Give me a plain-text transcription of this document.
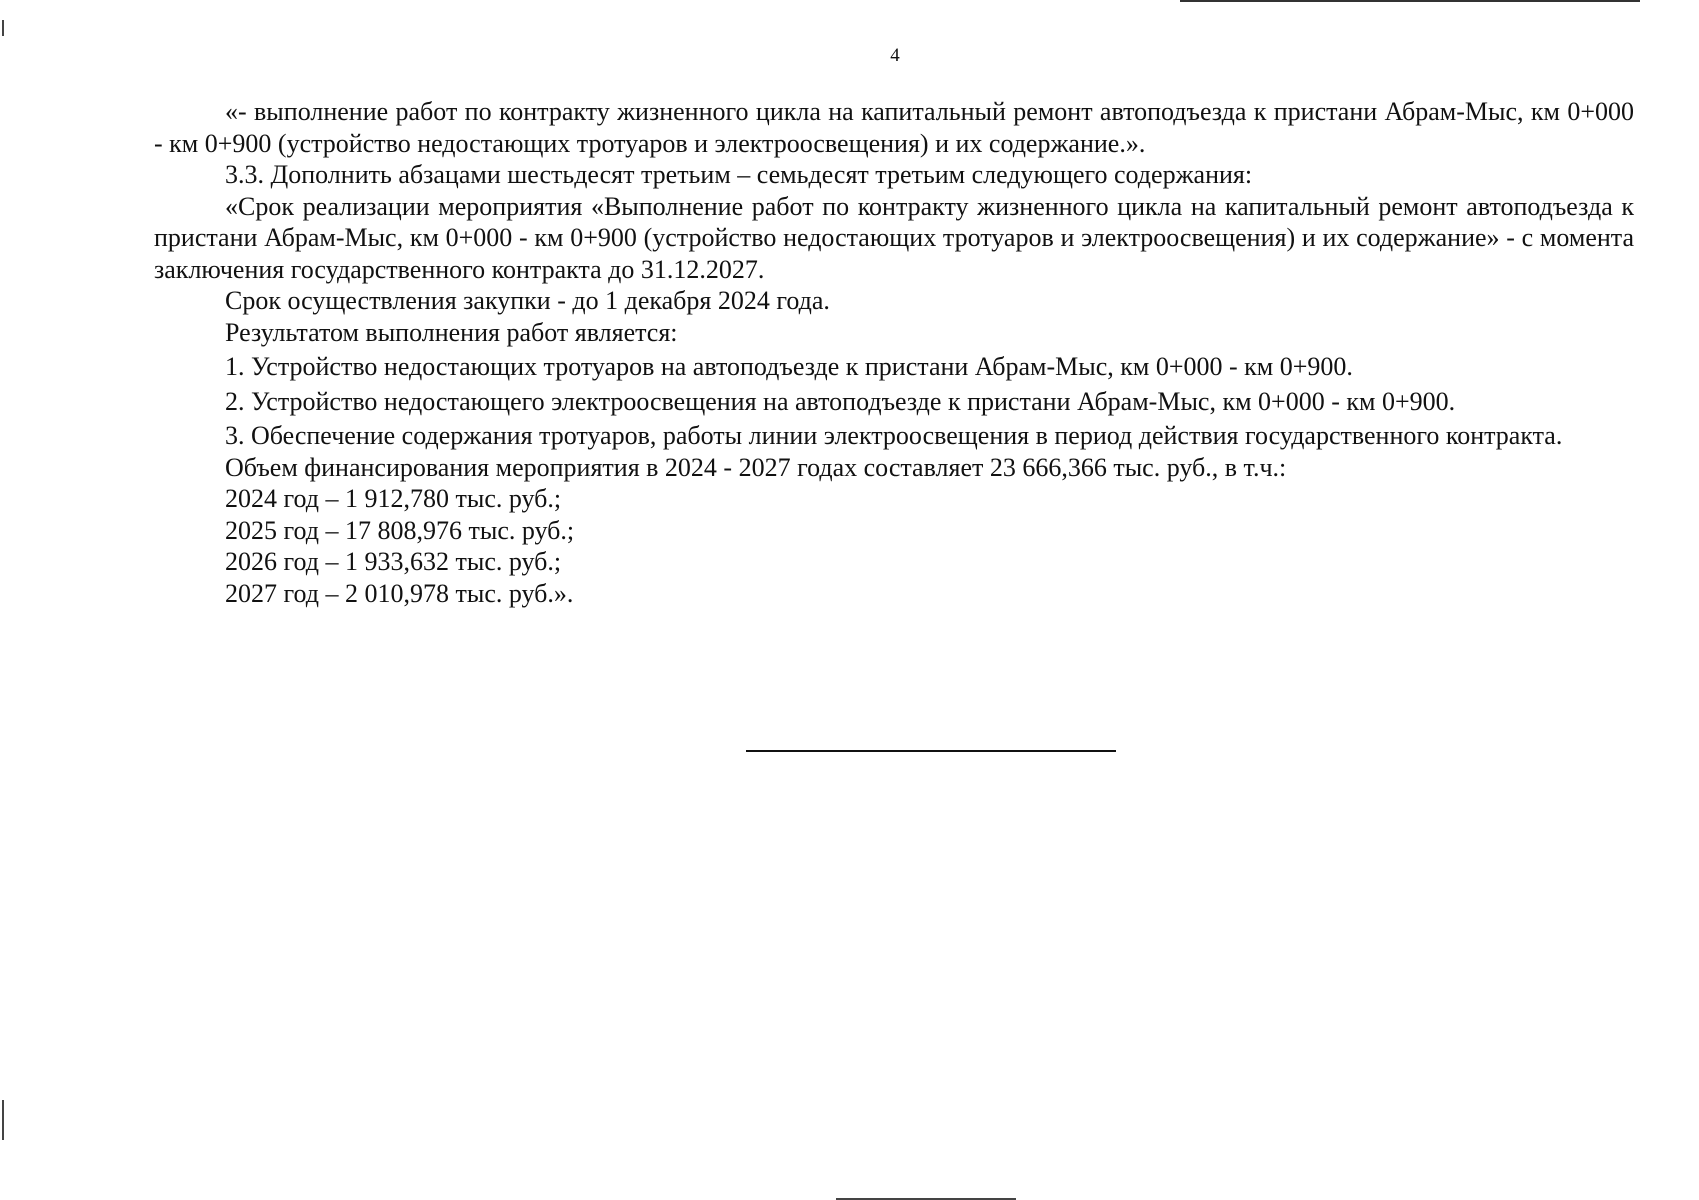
4

«- выполнение работ по контракту жизненного цикла на капитальный ремонт автоподъезда к пристани Абрам-Мыс, км 0+000 - км 0+900 (устройство недостающих тротуаров и электроосвещения) и их содержание.».

3.3. Дополнить абзацами шестьдесят третьим – семьдесят третьим следующего содержания:

«Срок реализации мероприятия «Выполнение работ по контракту жизненного цикла на капитальный ремонт автоподъезда к пристани Абрам-Мыс, км 0+000 - км 0+900 (устройство недостающих тротуаров и электроосвещения) и их содержание» - с момента заключения государственного контракта до 31.12.2027.

Срок осуществления закупки - до 1 декабря 2024 года.

Результатом выполнения работ является:

1. Устройство недостающих тротуаров на автоподъезде к пристани Абрам-Мыс, км 0+000 - км 0+900.

2. Устройство недостающего электроосвещения на автоподъезде к пристани Абрам-Мыс, км 0+000 - км 0+900.

3. Обеспечение содержания тротуаров, работы линии электроосвещения в период действия государственного контракта.

Объем финансирования мероприятия в 2024 - 2027 годах составляет 23 666,366 тыс. руб., в т.ч.:

2024 год – 1 912,780 тыс. руб.;

2025 год – 17 808,976 тыс. руб.;

2026 год – 1 933,632 тыс. руб.;

2027 год – 2 010,978 тыс. руб.».
